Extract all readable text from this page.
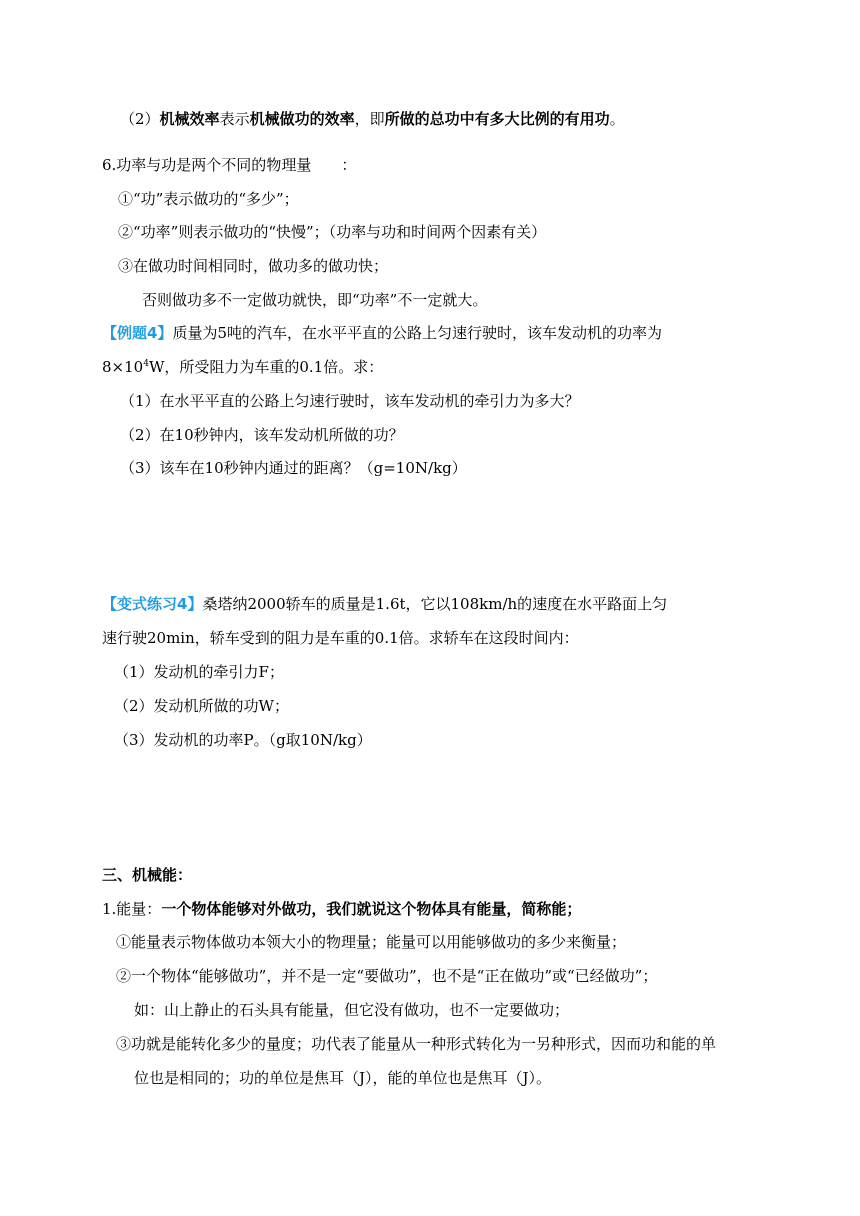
（2）机械效率表示机械做功的效率，即所做的总功中有多大比例的有用功。
6.功率与功是两个不同的物理量　　：
①“功”表示做功的“多少”；
②“功率”则表示做功的“快慢”；（功率与功和时间两个因素有关）
③在做功时间相同时，做功多的做功快；
否则做功多不一定做功就快，即“功率”不一定就大。
【例题4】质量为5吨的汽车，在水平平直的公路上匀速行驶时，该车发动机的功率为
$8\times 10^4W$，所受阻力为车重的0.1倍。求：
（1）在水平平直的公路上匀速行驶时，该车发动机的牵引力为多大？
（2）在10秒钟内，该车发动机所做的功？
（3）该车在10秒钟内通过的距离？（g=10N/kg）
【变式练习4】桑塔纳2000轿车的质量是1.6t，它以108km/h的速度在水平路面上匀
速行驶20min，轿车受到的阻力是车重的0.1倍。求轿车在这段时间内：
（1）发动机的牵引力F；
（2）发动机所做的功W；
（3）发动机的功率P。（g取10N/kg）
三、机械能：
1.能量：一个物体能够对外做功，我们就说这个物体具有能量，简称能；
①能量表示物体做功本领大小的物理量；能量可以用能够做功的多少来衡量；
②一个物体“能够做功”，并不是一定“要做功”，也不是“正在做功”或“已经做功”；
如：山上静止的石头具有能量，但它没有做功，也不一定要做功；
③功就是能转化多少的量度；功代表了能量从一种形式转化为一另种形式，因而功和能的单
位也是相同的；功的单位是焦耳（J），能的单位也是焦耳（J）。
